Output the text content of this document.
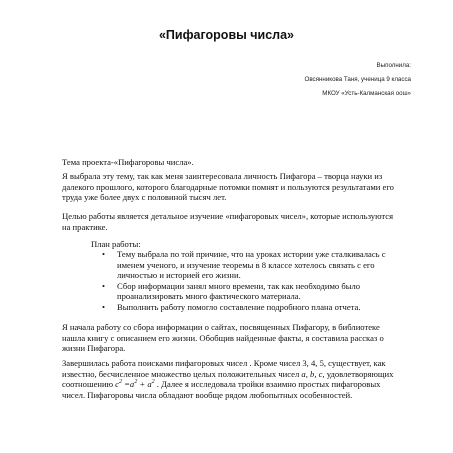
«Пифагоровы числа»
Выполнила:
Овсянникова Таня, ученица 9 класса
МКОУ «Усть-Калманская оош»

Тема проекта-«Пифагоровы числа».

Я выбрала эту тему, так как меня заинтересовала личность Пифагора – творца науки из далекого прошлого, которого благодарные потомки помнят и пользуются результатами его труда уже более двух с половиной тысяч лет.

Целью работы является детальное изучение «пифагоровых чисел», которые используются на практике.

План работы:
• Тему выбрала по той причине, что на уроках истории уже сталкивалась с именем ученого, и изучение теоремы в 8 классе хотелось связать с его личностью и историей его жизни.
• Сбор информации занял много времени, так как необходимо было проанализировать много фактического материала.
• Выполнить работу помогло составление подробного плана отчета.

Я начала работу со сбора информации о сайтах, посвященных Пифагору, в библиотеке нашла книгу с описанием его жизни. Обобщив найденные факты, я составила рассказ о жизни Пифагора.

Завершилась работа поисками пифагоровых чисел . Кроме чисел 3, 4, 5, существует, как известно, бесчисленное множество целых положительных чисел а, b, с, удовлетворяющих соотношению $с^2 =а^2 + а^2$ . Далее я исследовала тройки взаимно простых пифагоровых чисел. Пифагоровы числа обладают вообще рядом любопытных особенностей.
